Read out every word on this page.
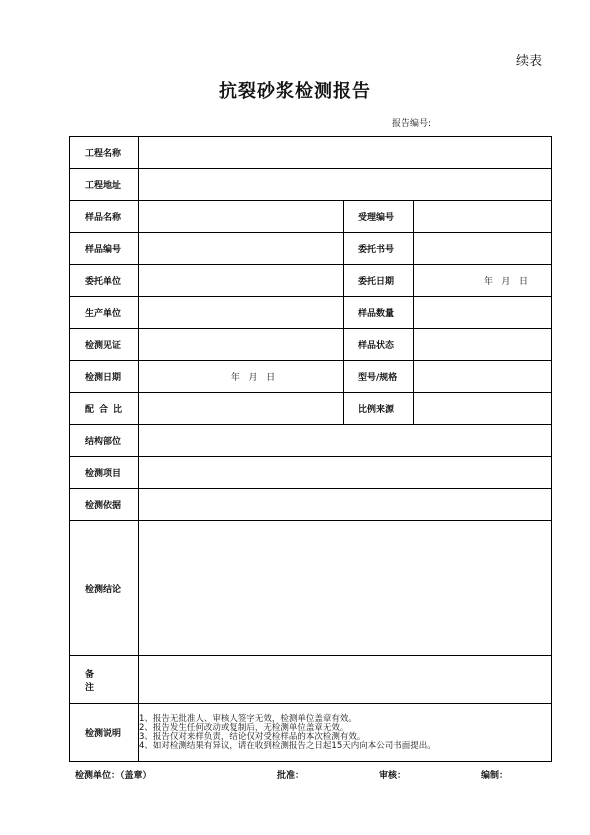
续表
抗裂砂浆检测报告
报告编号:
工程名称			
工程地址			
样品名称		受理编号	
样品编号		委托书号	
委托单位		委托日期	年   月   日
生产单位		样品数量	
检测见证		样品状态	
检测日期	年   月   日	型号/规格	
配合比		比例来源	
结构部位			
检测项目			
检测依据			
检测结论			
备注			
检测说明	1、报告无批准人、审核人签字无效，检测单位盖章有效。
2、报告发生任何改动或复制后，无检测单位盖章无效。
3、报告仅对来样负责，结论仅对受检样品的本次检测有效。
4、如对检测结果有异议，请在收到检测报告之日起15天内向本公司书面提出。		
检测单位：（盖章）	批准：	审核：	编制：
